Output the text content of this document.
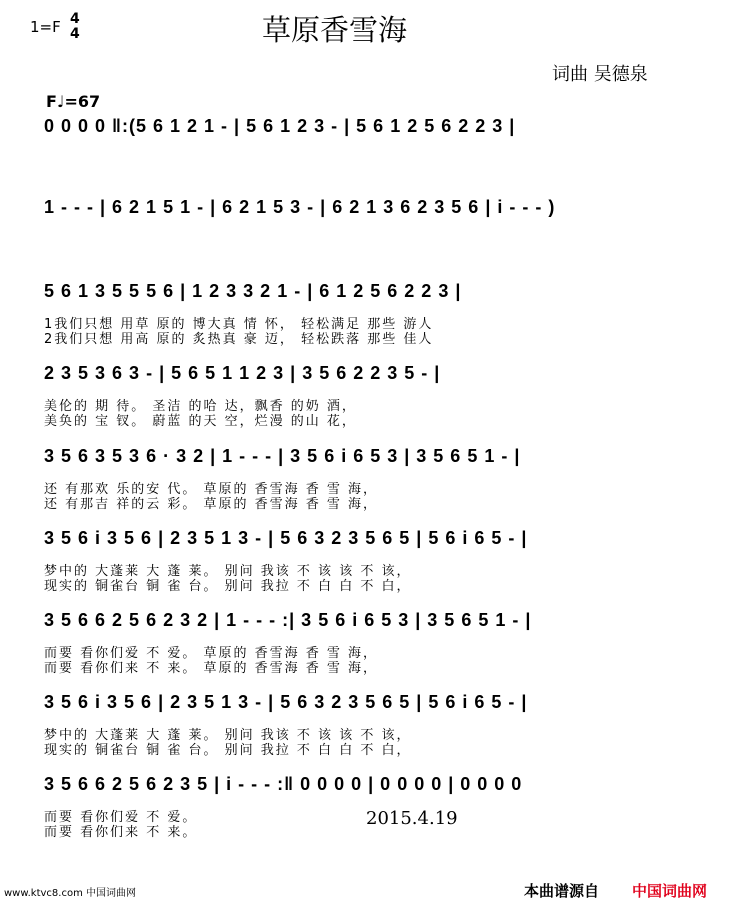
1=F 4
4	草原香雪海
词曲 吴德泉
F♩=67
0 0 0 0 ‖:(5 6 1 2 1 - | 5 6 1 2 3 - | 5 6 1 2 5 6 2 2 3 |
1 - - - | 6 2 1 5 1 - | 6 2 1 5 3 - | 6 2 1 3 6 2 3 5 6 | i - - - )
5 6 1 3 5 5 5 6 | 1 2 3 3 2 1 - | 6 1 2 5 6 2 2 3 |
1我们只想 用草 原的 博大真 情 怀， 轻松满足 那些 游人
2我们只想 用高 原的 炙热真 豪 迈， 轻松跌落 那些 佳人
2 3 5 3 6 3 - | 5 6 5 1 1 2 3 | 3 5 6 2 2 3 5 - |
美伦的 期 待。 圣洁 的哈 达，飘香 的奶 酒，
美奂的 宝 钗。 蔚蓝 的天 空，烂漫 的山 花，
3 5 6 3 5 3 6 · 3 2 | 1 - - - | 3 5 6 i 6 5 3 | 3 5 6 5 1 - |
还 有那欢 乐的安 代。 草原的 香雪海 香 雪 海，
还 有那吉 祥的云 彩。 草原的 香雪海 香 雪 海，
3 5 6 i 3 5 6 | 2 3 5 1 3 - | 5 6 3 2 3 5 6 5 | 5 6 i 6 5 - |
梦中的 大蓬莱 大 蓬 莱。 别问 我该 不 该 该 不 该，
现实的 铜雀台 铜 雀 台。 别问 我拉 不 白 白 不 白，
3 5 6 6 2 5 6 2 3 2 | 1 - - - :| 3 5 6 i 6 5 3 | 3 5 6 5 1 - |
而要 看你们爱 不 爱。 草原的 香雪海 香 雪 海，
而要 看你们来 不 来。 草原的 香雪海 香 雪 海，
3 5 6 i 3 5 6 | 2 3 5 1 3 - | 5 6 3 2 3 5 6 5 | 5 6 i 6 5 - |
梦中的 大蓬莱 大 蓬 莱。 别问 我该 不 该 该 不 该，
现实的 铜雀台 铜 雀 台。 别问 我拉 不 白 白 不 白，
3 5 6 6 2 5 6 2 3 5 | i - - - :‖ 0 0 0 0 | 0 0 0 0 | 0 0 0 0
而要 看你们爱 不 爱。
而要 看你们来 不 来。
2015.4.19
www.ktvc8.com 中国词曲网	本曲谱源自 中国词曲网
